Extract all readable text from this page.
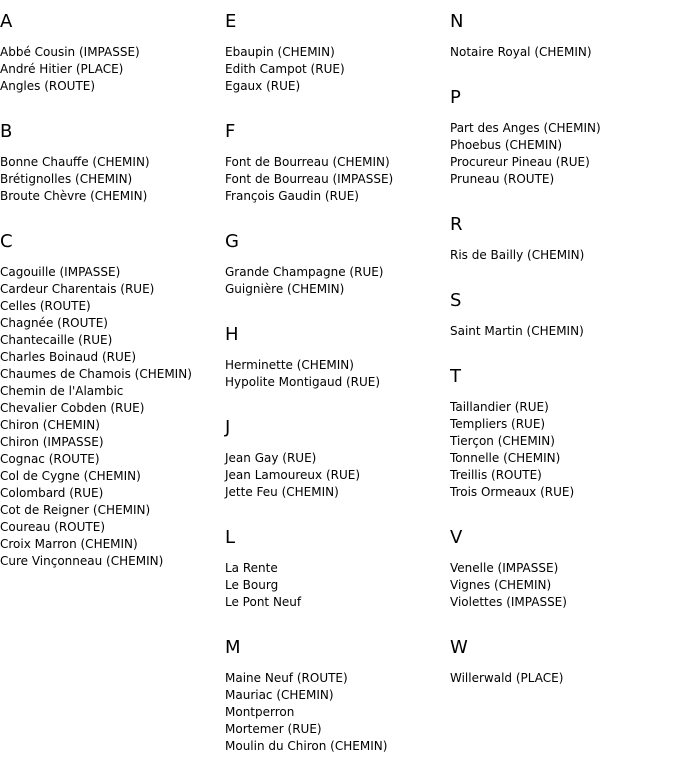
A
Abbé Cousin (IMPASSE)
André Hitier (PLACE)
Angles (ROUTE)
B
Bonne Chauffe (CHEMIN)
Brétignolles (CHEMIN)
Broute Chèvre (CHEMIN)
C
Cagouille (IMPASSE)
Cardeur Charentais (RUE)
Celles (ROUTE)
Chagnée (ROUTE)
Chantecaille (RUE)
Charles Boinaud (RUE)
Chaumes de Chamois (CHEMIN)
Chemin de l'Alambic
Chevalier Cobden (RUE)
Chiron (CHEMIN)
Chiron (IMPASSE)
Cognac (ROUTE)
Col de Cygne (CHEMIN)
Colombard (RUE)
Cot de Reigner (CHEMIN)
Coureau (ROUTE)
Croix Marron (CHEMIN)
Cure Vinçonneau (CHEMIN)
E
Ebaupin (CHEMIN)
Edith Campot (RUE)
Egaux (RUE)
F
Font de Bourreau (CHEMIN)
Font de Bourreau (IMPASSE)
François Gaudin (RUE)
G
Grande Champagne (RUE)
Guignière (CHEMIN)
H
Herminette (CHEMIN)
Hypolite Montigaud (RUE)
J
Jean Gay (RUE)
Jean Lamoureux (RUE)
Jette Feu (CHEMIN)
L
La Rente
Le Bourg
Le Pont Neuf
M
Maine Neuf (ROUTE)
Mauriac (CHEMIN)
Montperron
Mortemer (RUE)
Moulin du Chiron (CHEMIN)
N
Notaire Royal (CHEMIN)
P
Part des Anges (CHEMIN)
Phoebus (CHEMIN)
Procureur Pineau (RUE)
Pruneau (ROUTE)
R
Ris de Bailly (CHEMIN)
S
Saint Martin (CHEMIN)
T
Taillandier (RUE)
Templiers (RUE)
Tierçon (CHEMIN)
Tonnelle (CHEMIN)
Treillis (ROUTE)
Trois Ormeaux (RUE)
V
Venelle (IMPASSE)
Vignes (CHEMIN)
Violettes (IMPASSE)
W
Willerwald (PLACE)
